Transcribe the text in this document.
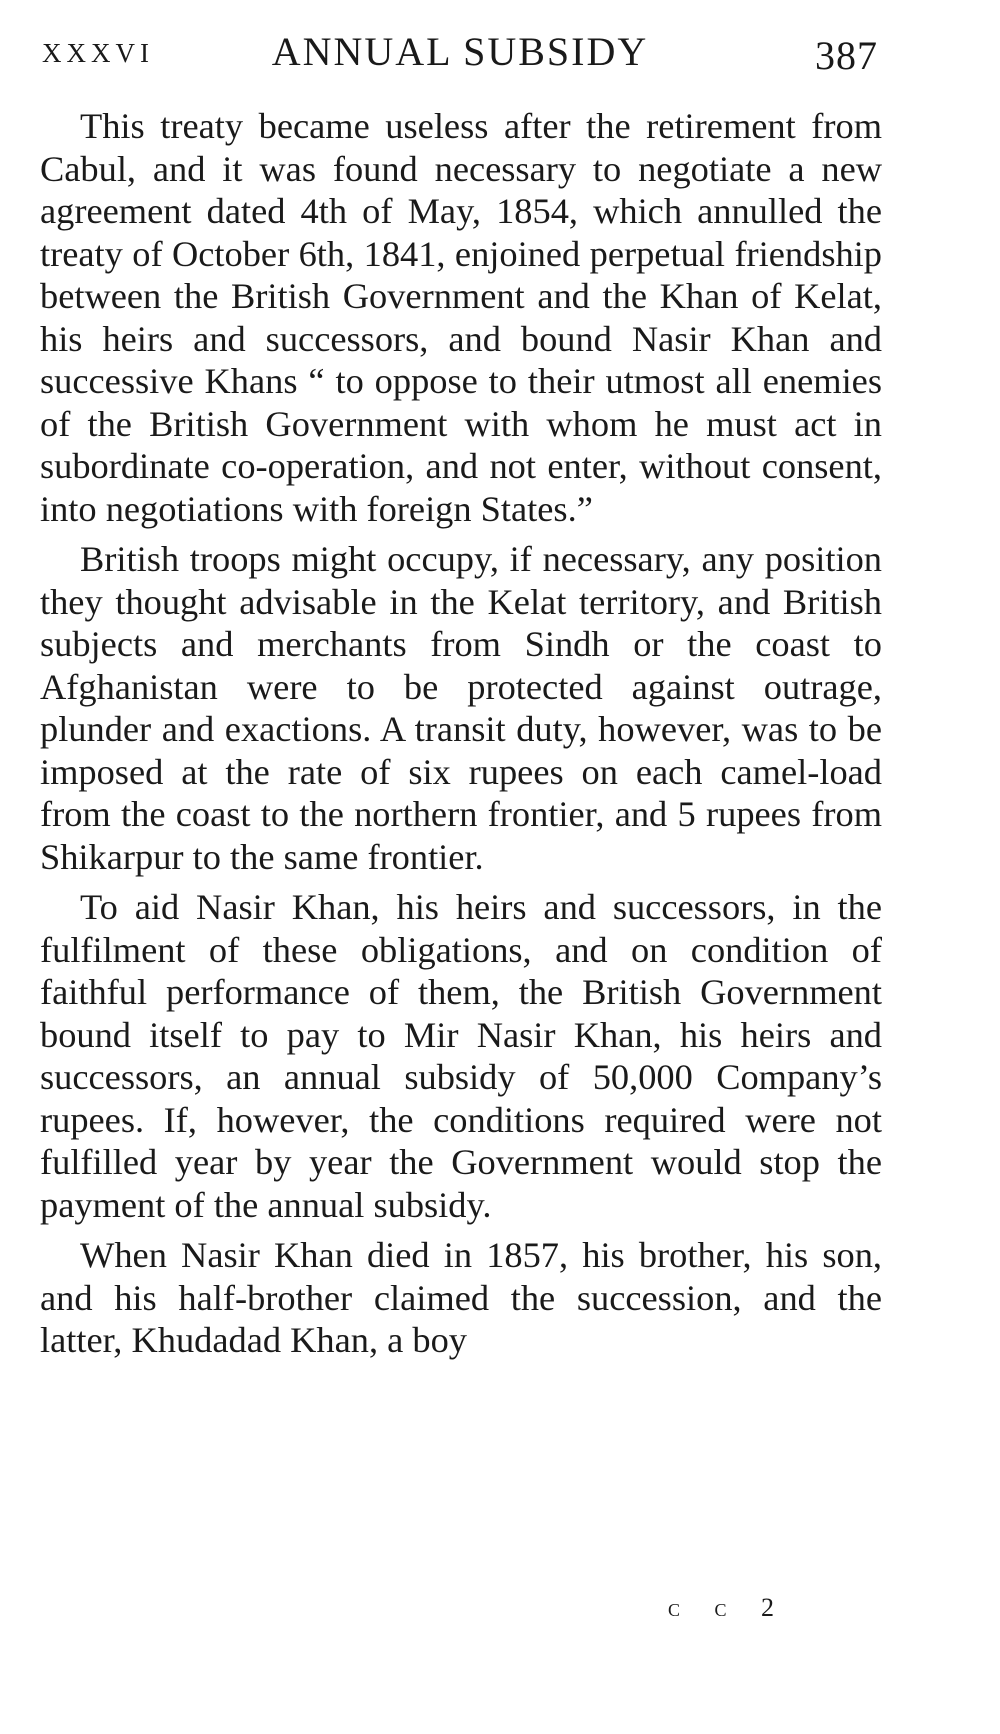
XXXVI	ANNUAL SUBSIDY	387

This treaty became useless after the retirement from Cabul, and it was found necessary to negotiate a new agreement dated 4th of May, 1854, which annulled the treaty of October 6th, 1841, enjoined perpetual friendship between the British Government and the Khan of Kelat, his heirs and successors, and bound Nasir Khan and successive Khans “ to oppose to their utmost all enemies of the British Government with whom he must act in subordinate co-operation, and not enter, without consent, into negotiations with foreign States.”

British troops might occupy, if necessary, any position they thought advisable in the Kelat territory, and British subjects and merchants from Sindh or the coast to Afghanistan were to be protected against outrage, plunder and exactions. A transit duty, however, was to be imposed at the rate of six rupees on each camel-load from the coast to the northern frontier, and 5 rupees from Shikarpur to the same frontier.

To aid Nasir Khan, his heirs and successors, in the fulfilment of these obligations, and on condition of faithful performance of them, the British Government bound itself to pay to Mir Nasir Khan, his heirs and successors, an annual subsidy of 50,000 Company’s rupees. If, however, the conditions required were not fulfilled year by year the Government would stop the payment of the annual subsidy.

When Nasir Khan died in 1857, his brother, his son, and his half-brother claimed the succession, and the latter, Khudadad Khan, a boy

c c 2
